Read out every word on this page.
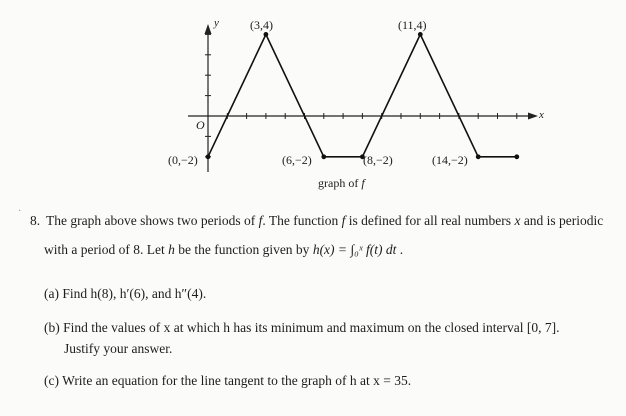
y
x
O
(0,−2)
(3,4)
(6,−2)	(8,−2)
(11,4)
(14,−2)
graph of f
8. The graph above shows two periods of f. The function f is defined for all real numbers x and is periodic
with a period of 8. Let h be the function given by h(x) = ∫₀ˣ f(t) dt .
(a) Find h(8), h′(6), and h″(4).
(b) Find the values of x at which h has its minimum and maximum on the closed interval [0, 7].
Justify your answer.
(c) Write an equation for the line tangent to the graph of h at x = 35.
·
